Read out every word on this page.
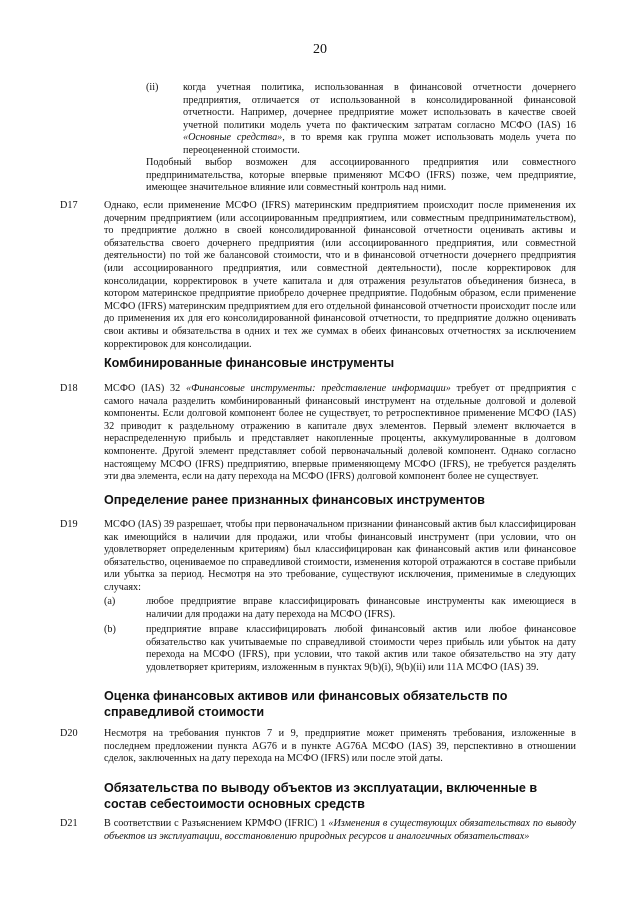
20
(ii) когда учетная политика, использованная в финансовой отчетности дочернего предприятия, отличается от использованной в консолидированной финансовой отчетности. Например, дочернее предприятие может использовать в качестве своей учетной политики модель учета по фактическим затратам согласно МСФО (IAS) 16 «Основные средства», в то время как группа может использовать модель учета по переоцененной стоимости.
Подобный выбор возможен для ассоциированного предприятия или совместного предпринимательства, которые впервые применяют МСФО (IFRS) позже, чем предприятие, имеющее значительное влияние или совместный контроль над ними.
D17	Однако, если применение МСФО (IFRS) материнским предприятием происходит после применения их дочерним предприятием (или ассоциированным предприятием, или совместным предпринимательством), то предприятие должно в своей консолидированной финансовой отчетности оценивать активы и обязательства своего дочернего предприятия (или ассоциированного предприятия, или совместной деятельности) по той же балансовой стоимости, что и в финансовой отчетности дочернего предприятия (или ассоциированного предприятия, или совместной деятельности), после корректировок для консолидации, корректировок в учете капитала и для отражения результатов объединения бизнеса, в котором материнское предприятие приобрело дочернее предприятие. Подобным образом, если применение МСФО (IFRS) материнским предприятием для его отдельной финансовой отчетности происходит после или до применения их для его консолидированной финансовой отчетности, то предприятие должно оценивать свои активы и обязательства в одних и тех же суммах в обеих финансовых отчетностях за исключением корректировок для консолидации.
Комбинированные финансовые инструменты
D18	МСФО (IAS) 32 «Финансовые инструменты: представление информации» требует от предприятия с самого начала разделить комбинированный финансовый инструмент на отдельные долговой и долевой компоненты. Если долговой компонент более не существует, то ретроспективное применение МСФО (IAS) 32 приводит к раздельному отражению в капитале двух элементов. Первый элемент включается в нераспределенную прибыль и представляет накопленные проценты, аккумулированные в долговом компоненте. Другой элемент представляет собой первоначальный долевой компонент. Однако согласно настоящему МСФО (IFRS) предприятию, впервые применяющему МСФО (IFRS), не требуется разделять эти два элемента, если на дату перехода на МСФО (IFRS) долговой компонент более не существует.
Определение ранее признанных финансовых инструментов
D19	МСФО (IAS) 39 разрешает, чтобы при первоначальном признании финансовый актив был классифицирован как имеющийся в наличии для продажи, или чтобы финансовый инструмент (при условии, что он удовлетворяет определенным критериям) был классифицирован как финансовый актив или финансовое обязательство, оцениваемое по справедливой стоимости, изменения которой отражаются в составе прибыли или убытка за период. Несмотря на это требование, существуют исключения, применимые в следующих случаях:
(a)	любое предприятие вправе классифицировать финансовые инструменты как имеющиеся в наличии для продажи на дату перехода на МСФО (IFRS).
(b)	предприятие вправе классифицировать любой финансовый актив или любое финансовое обязательство как учитываемые по справедливой стоимости через прибыль или убыток на дату перехода на МСФО (IFRS), при условии, что такой актив или такое обязательство на эту дату удовлетворяет критериям, изложенным в пунктах 9(b)(i), 9(b)(ii) или 11А МСФО (IAS) 39.
Оценка финансовых активов или финансовых обязательств по справедливой стоимости
D20	Несмотря на требования пунктов 7 и 9, предприятие может применять требования, изложенные в последнем предложении пункта AG76 и в пункте AG76А МСФО (IAS) 39, перспективно в отношении сделок, заключенных на дату перехода на МСФО (IFRS) или после этой даты.
Обязательства по выводу объектов из эксплуатации, включенные в состав себестоимости основных средств
D21	В соответствии с Разъяснением КРМФО (IFRIC) 1 «Изменения в существующих обязательствах по выводу объектов из эксплуатации, восстановлению природных ресурсов и аналогичных обязательствах»
